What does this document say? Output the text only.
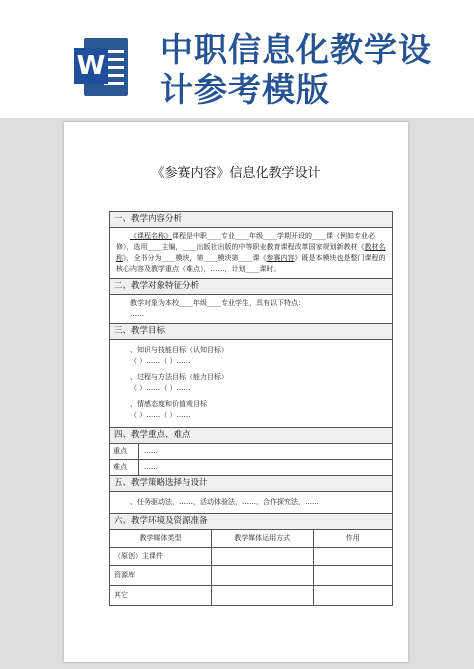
W 中职信息化教学设计参考模版
《参赛内容》信息化教学设计
一、教学内容分析

《课程名称》课程是中职____专业____年级____学期开设的____课（例如专业必修），选用____主编，____出版社出版的中等职业教育课程改革国家规划新教材《教材名称》，全书分为____模块，第____模块第____课《参赛内容》既是本模块也是整门课程的核心内容及教学重点（难点），……，计划____课时。

二、教学对象特征分析

教学对象为本校____年级____专业学生，具有以下特点：

……

三、教学目标

、知识与技能目标（认知目标）

（ ）……（ ）……

、过程与方法目标（能力目标）

（ ）……（ ）……

、情感态度和价值观目标

（ ）……（ ）……

四、教学重点、难点
重点	……
难点	……
五、教学策略选择与设计

、任务驱动法，……，活动体验法，……，合作探究法，……

六、教学环境及资源准备
教学媒体类型	教学媒体运用方式	作用
（原创）主课件		
资源库		
其它		
